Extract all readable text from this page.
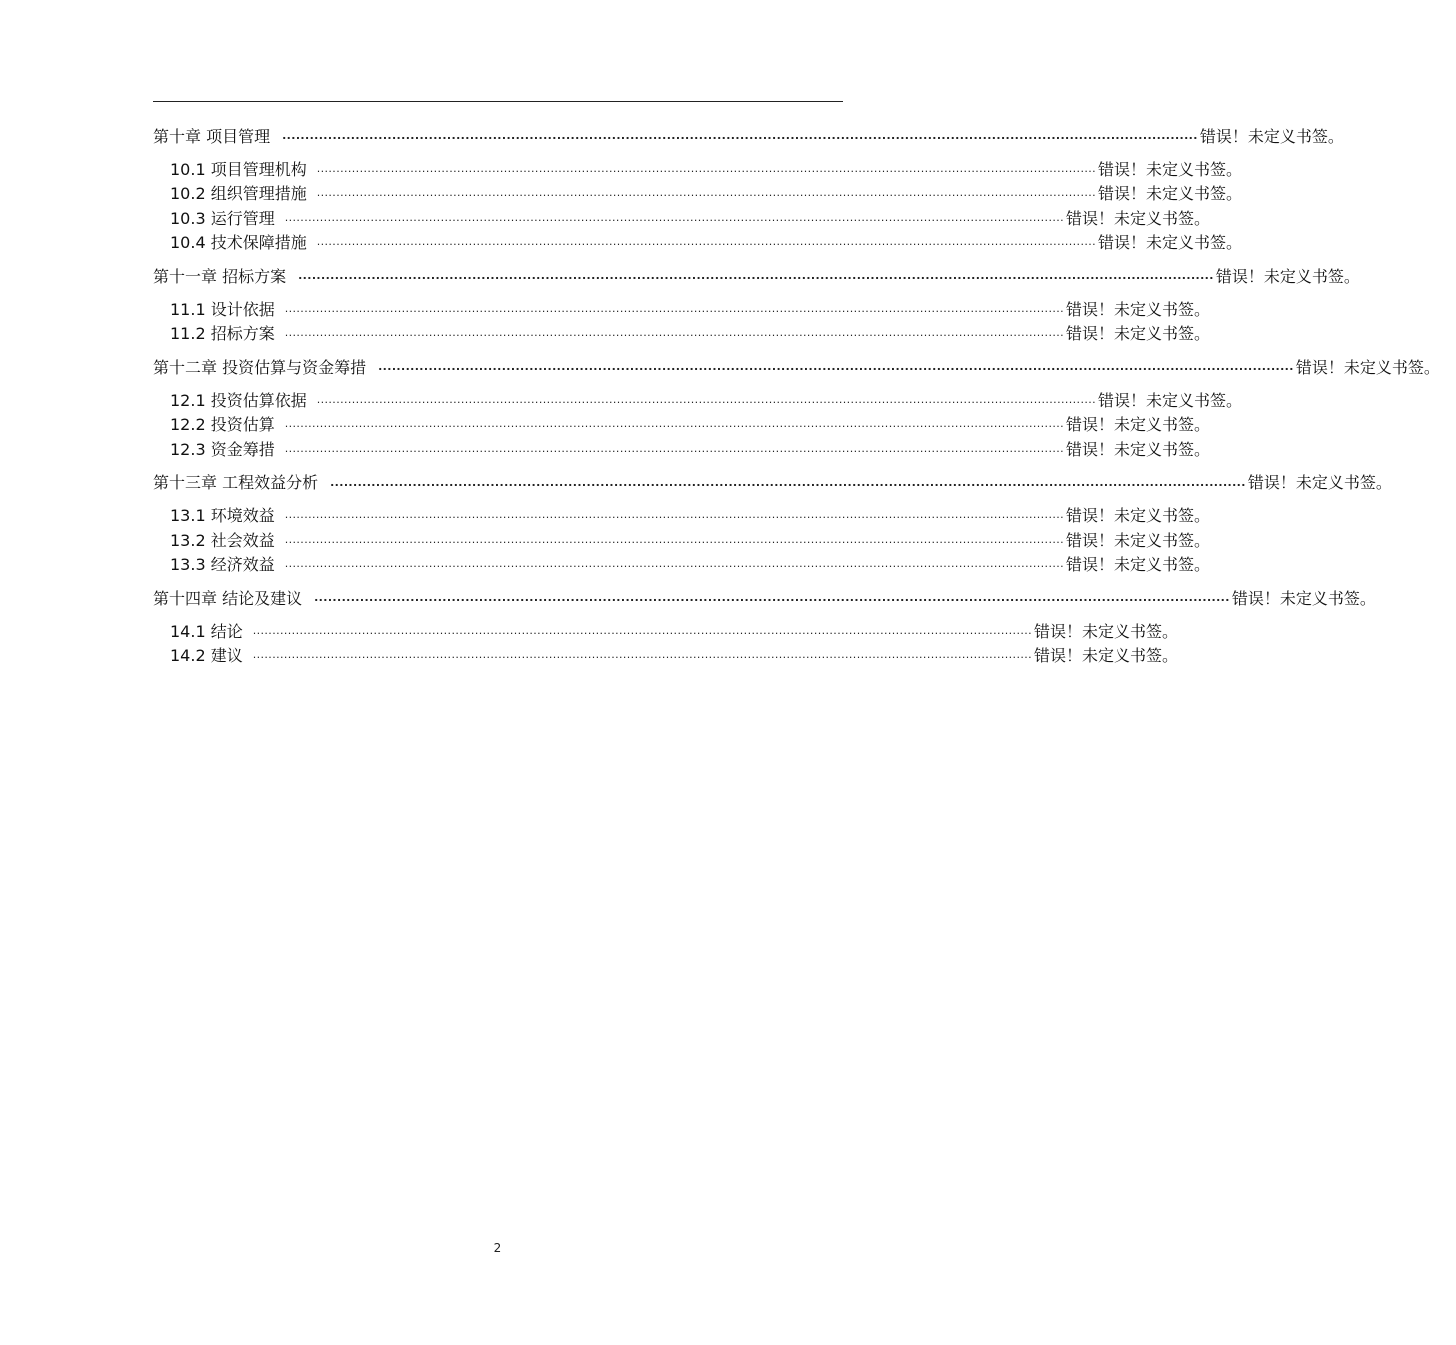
第十章 项目管理	........................................................................................................................................................................................................ 错误！未定义书签。
10.1 项目管理机构 ........................................................................................................................................................................................................ 错误！未定义书签。
10.2 组织管理措施 ........................................................................................................................................................................................................ 错误！未定义书签。
10.3 运行管理 ........................................................................................................................................................................................................ 错误！未定义书签。
10.4 技术保障措施 ........................................................................................................................................................................................................ 错误！未定义书签。
第十一章 招标方案	........................................................................................................................................................................................................ 错误！未定义书签。
11.1 设计依据 ........................................................................................................................................................................................................ 错误！未定义书签。
11.2 招标方案 ........................................................................................................................................................................................................ 错误！未定义书签。
第十二章 投资估算与资金筹措	........................................................................................................................................................................................................ 错误！未定义书签。
12.1 投资估算依据 ........................................................................................................................................................................................................ 错误！未定义书签。
12.2 投资估算 ........................................................................................................................................................................................................ 错误！未定义书签。
12.3 资金筹措 ........................................................................................................................................................................................................ 错误！未定义书签。
第十三章 工程效益分析	........................................................................................................................................................................................................ 错误！未定义书签。
13.1 环境效益 ........................................................................................................................................................................................................ 错误！未定义书签。
13.2 社会效益 ........................................................................................................................................................................................................ 错误！未定义书签。
13.3 经济效益 ........................................................................................................................................................................................................ 错误！未定义书签。
第十四章 结论及建议	........................................................................................................................................................................................................ 错误！未定义书签。
14.1 结论 ........................................................................................................................................................................................................ 错误！未定义书签。
14.2 建议 ........................................................................................................................................................................................................ 错误！未定义书签。
2
